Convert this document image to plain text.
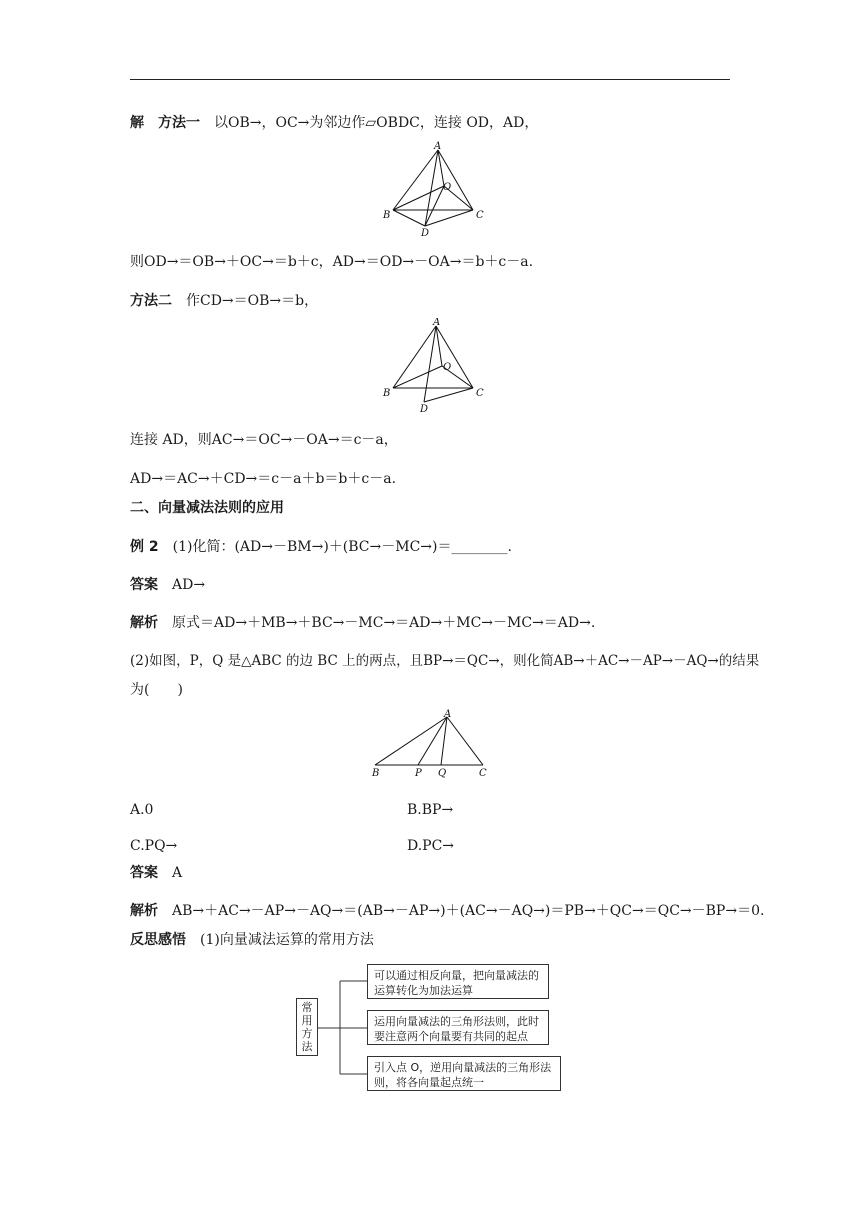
解 方法一 以OB→，OC→为邻边作▱OBDC，连接 OD，AD，
A
O
B	C
D
则OD→＝OB→＋OC→＝b＋c，AD→＝OD→－OA→＝b＋c－a.
方法二 作CD→＝OB→＝b，
A
O
B	C
D
连接 AD，则AC→＝OC→－OA→＝c－a，
AD→＝AC→＋CD→＝c－a＋b＝b＋c－a.
二、向量减法法则的应用
例 2 (1)化简：(AD→－BM→)＋(BC→－MC→)＝________.
答案 AD→
解析 原式＝AD→＋MB→＋BC→－MC→＝AD→＋MC→－MC→＝AD→.
(2)如图，P，Q 是△ABC 的边 BC 上的两点，且BP→＝QC→，则化简AB→＋AC→－AP→－AQ→的结果
为(　　)
A
B	P Q	C
A.0	B.BP→
C.PQ→	D.PC→
答案 A
解析 AB→＋AC→－AP→－AQ→＝(AB→－AP→)＋(AC→－AQ→)＝PB→＋QC→＝QC→－BP→＝0.
反思感悟 (1)向量减法运算的常用方法
常用方法
可以通过相反向量，把向量减法的
运算转化为加法运算
运用向量减法的三角形法则，此时
要注意两个向量要有共同的起点
引入点 O，逆用向量减法的三角形法
则，将各向量起点统一
